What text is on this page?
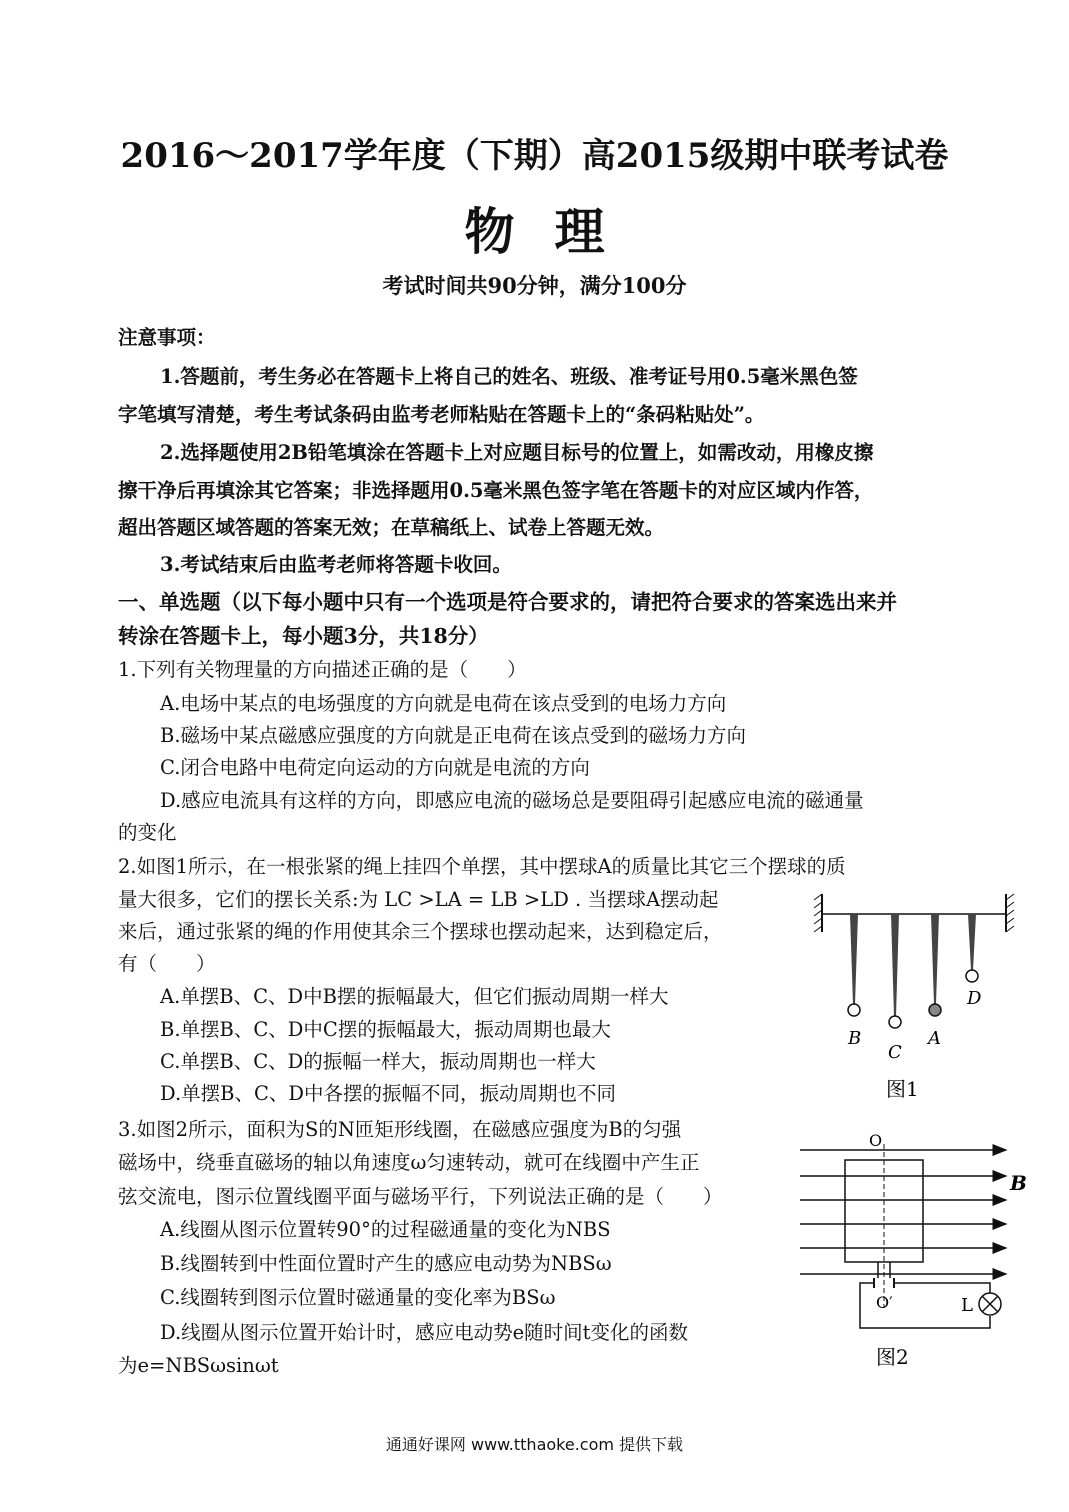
2016～2017学年度（下期）高2015级期中联考试卷
物理
考试时间共90分钟，满分100分
注意事项：
1.答题前，考生务必在答题卡上将自己的姓名、班级、准考证号用0.5毫米黑色签
字笔填写清楚，考生考试条码由监考老师粘贴在答题卡上的“条码粘贴处”。
2.选择题使用2B铅笔填涂在答题卡上对应题目标号的位置上，如需改动，用橡皮擦
擦干净后再填涂其它答案；非选择题用0.5毫米黑色签字笔在答题卡的对应区域内作答，
超出答题区域答题的答案无效；在草稿纸上、试卷上答题无效。
3.考试结束后由监考老师将答题卡收回。
一、单选题（以下每小题中只有一个选项是符合要求的，请把符合要求的答案选出来并
转涂在答题卡上，每小题3分，共18分）
1.下列有关物理量的方向描述正确的是（　　）
A.电场中某点的电场强度的方向就是电荷在该点受到的电场力方向
B.磁场中某点磁感应强度的方向就是正电荷在该点受到的磁场力方向
C.闭合电路中电荷定向运动的方向就是电流的方向
D.感应电流具有这样的方向，即感应电流的磁场总是要阻碍引起感应电流的磁通量
的变化
2.如图1所示，在一根张紧的绳上挂四个单摆，其中摆球A的质量比其它三个摆球的质
量大很多，它们的摆长关系:为 LC >LA = LB >LD . 当摆球A摆动起
来后，通过张紧的绳的作用使其余三个摆球也摆动起来，达到稳定后，
有（　　）
A.单摆B、C、D中B摆的振幅最大，但它们振动周期一样大
B.单摆B、C、D中C摆的振幅最大，振动周期也最大
C.单摆B、C、D的振幅一样大，振动周期也一样大
D.单摆B、C、D中各摆的振幅不同，振动周期也不同
B
C
A
D
图1
3.如图2所示，面积为S的N匝矩形线圈，在磁感应强度为B的匀强
磁场中，绕垂直磁场的轴以角速度ω匀速转动，就可在线圈中产生正
弦交流电，图示位置线圈平面与磁场平行，下列说法正确的是（　　）
A.线圈从图示位置转90°的过程磁通量的变化为NBS
B.线圈转到中性面位置时产生的感应电动势为NBSω
C.线圈转到图示位置时磁通量的变化率为BSω
D.线圈从图示位置开始计时，感应电动势e随时间t变化的函数
为e=NBSωsinωt
O
L
O′
B
图2
通通好课网 www.tthaoke.com 提供下载
